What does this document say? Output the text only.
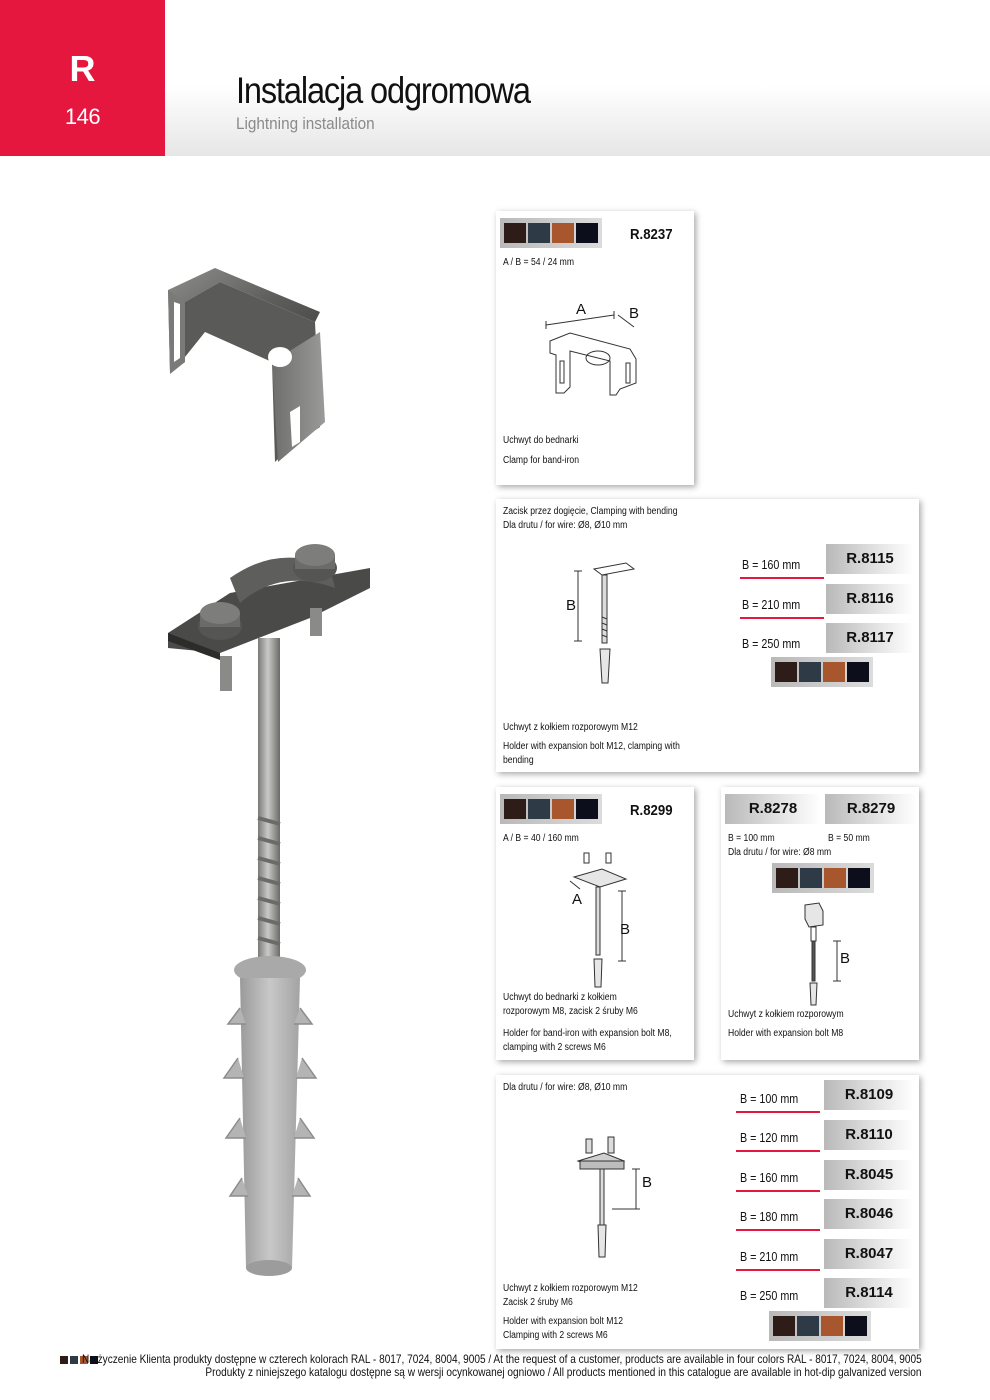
R
146
Instalacja odgromowa
Lightning installation
R.8237
A / B = 54 / 24 mm
A	B
Uchwyt do bednarki
Clamp for band-iron
Zacisk przez dogięcie, Clamping with bending
Dla drutu / for wire: Ø8, Ø10 mm
B
B = 160 mm	R.8115
B = 210 mm	R.8116
B = 250 mm	R.8117
Uchwyt z kołkiem rozporowym M12
Holder with expansion bolt M12, clamping with
bending
R.8299
A / B = 40 / 160 mm
A
B
Uchwyt do bednarki z kołkiem
rozporowym M8, zacisk 2 śruby M6
Holder for band-iron with expansion bolt M8,
clamping with 2 screws M6
R.8278	R.8279
B = 100 mm	B = 50 mm
Dla drutu / for wire: Ø8 mm
B
Uchwyt z kołkiem rozporowym
Holder with expansion bolt M8
Dla drutu / for wire: Ø8, Ø10 mm
B
B = 100 mm	R.8109
B = 120 mm	R.8110
B = 160 mm	R.8045
B = 180 mm	R.8046
B = 210 mm	R.8047
B = 250 mm	R.8114
Uchwyt z kołkiem rozporowym M12
Zacisk 2 śruby M6
Holder with expansion bolt M12
Clamping with 2 screws M6
Na życzenie Klienta produkty dostępne w czterech kolorach RAL - 8017, 7024, 8004, 9005 / At the request of a customer, products are available in four colors RAL - 8017, 7024, 8004, 9005
Produkty z niniejszego katalogu dostępne są w wersji ocynkowanej ogniowo / All products mentioned in this catalogue are available in hot-dip galvanized version
